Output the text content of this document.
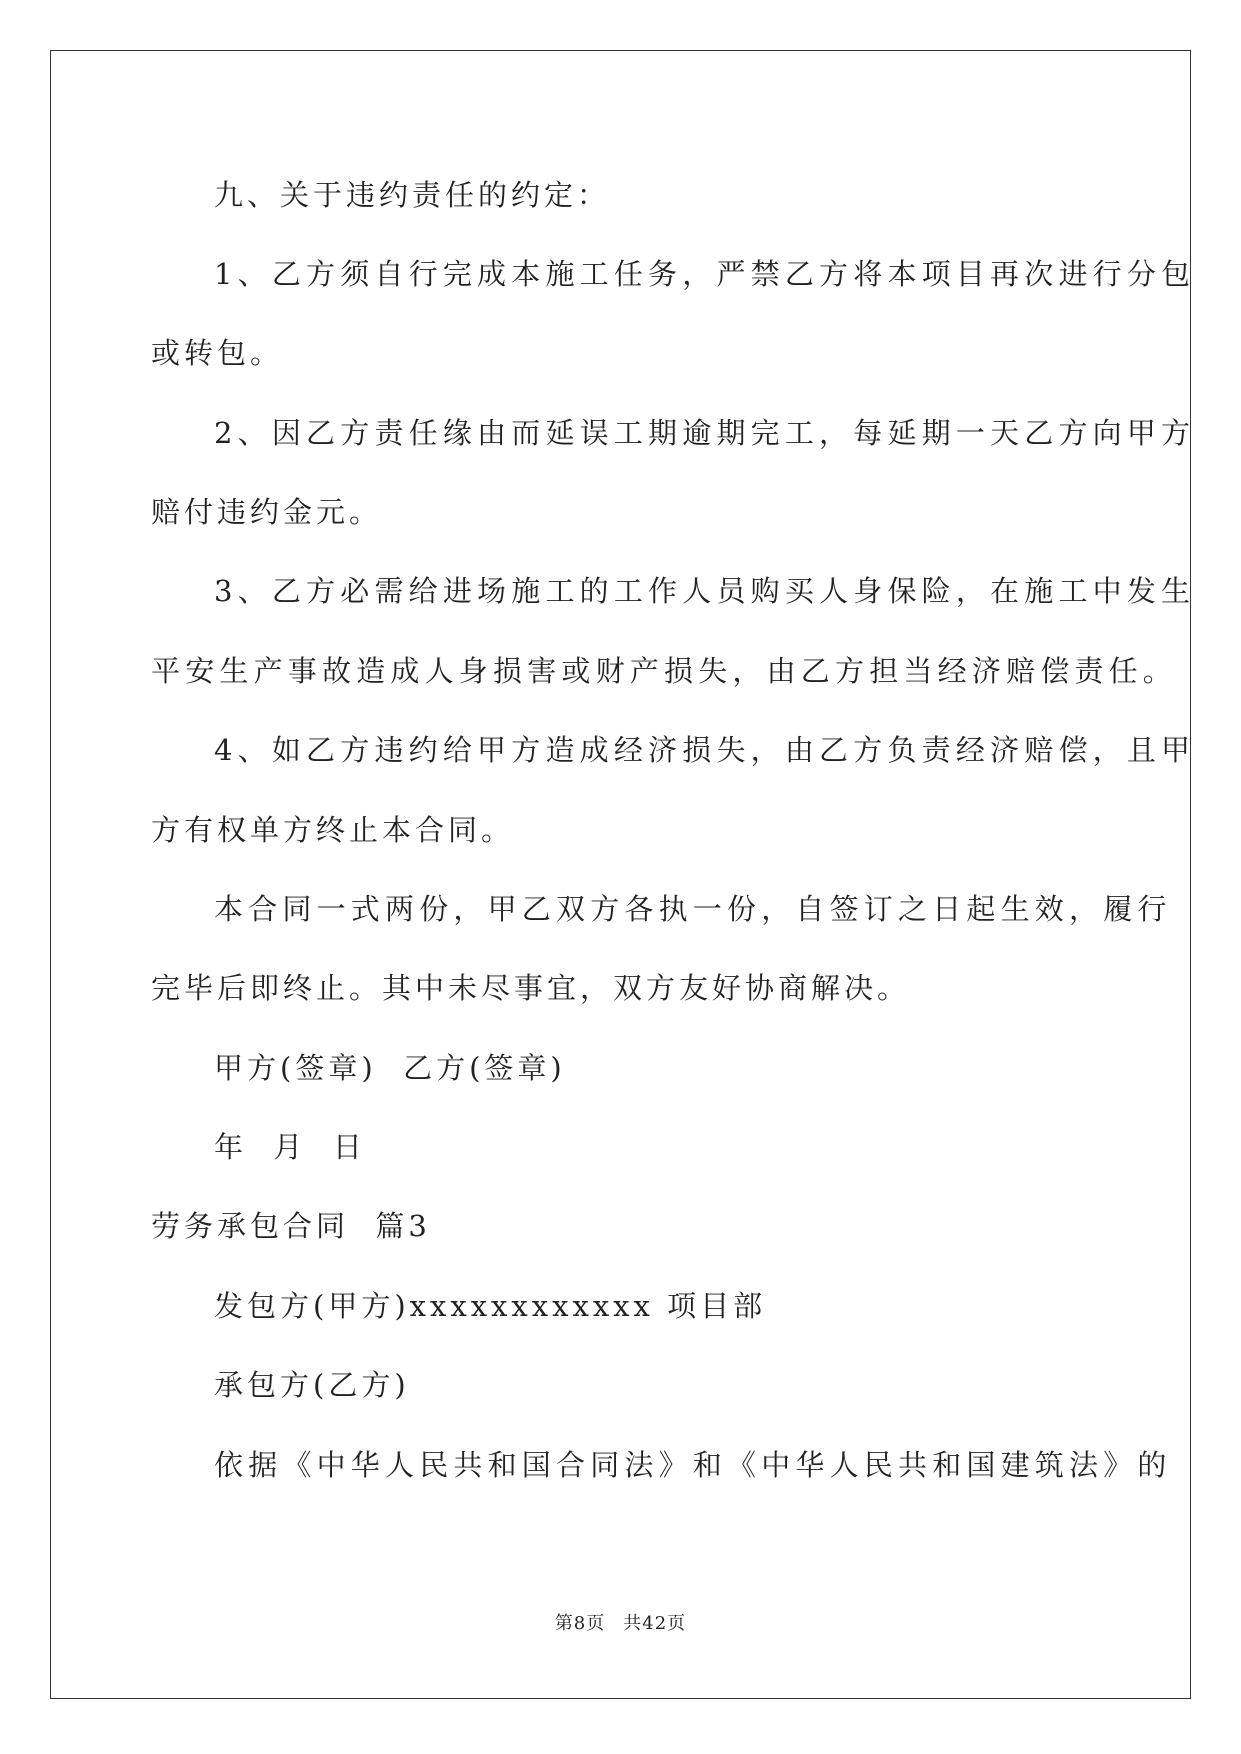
九、关于违约责任的约定：
1、乙方须自行完成本施工任务，严禁乙方将本项目再次进行分包
或转包。
2、因乙方责任缘由而延误工期逾期完工，每延期一天乙方向甲方
赔付违约金元。
3、乙方必需给进场施工的工作人员购买人身保险，在施工中发生
平安生产事故造成人身损害或财产损失，由乙方担当经济赔偿责任。
4、如乙方违约给甲方造成经济损失，由乙方负责经济赔偿，且甲
方有权单方终止本合同。
本合同一式两份，甲乙双方各执一份，自签订之日起生效，履行
完毕后即终止。其中未尽事宜，双方友好协商解决。
甲方(签章)  乙方(签章)
年  月  日
劳务承包合同  篇3
发包方(甲方)xxxxxxxxxxxx 项目部
承包方(乙方)
依据《中华人民共和国合同法》和《中华人民共和国建筑法》的
第8页 共42页
